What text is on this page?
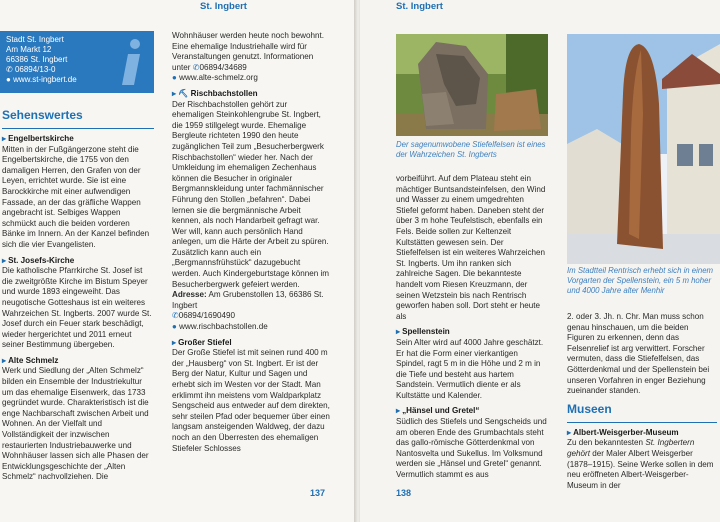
St. Ingbert
Stadt St. Ingbert
Am Markt 12
66386 St. Ingbert
✆ 06894/13-0
● www.st-ingbert.de
Sehenswertes
▸ Engelbertskirche

Mitten in der Fußgängerzone steht die Engelbertskirche, die 1755 von den damaligen Herren, den Grafen von der Leyen, errichtet wurde. Sie ist eine Barockkirche mit einer aufwendigen Fassade, an der das gräfliche Wappen angebracht ist. Selbiges Wappen schmückt auch die beiden vorderen Bänke im Innern. An der Kanzel befinden sich die vier Evangelisten.

▸ St. Josefs-Kirche

Die katholische Pfarrkirche St. Josef ist die zweitgrößte Kirche im Bistum Speyer und wurde 1893 eingeweiht. Das neugotische Gotteshaus ist ein weiteres Wahrzeichen St. Ingberts. 2007 wurde St. Josef durch ein Feuer stark beschädigt, wieder hergerichtet und 2011 erneut seiner Bestimmung übergeben.

▸ Alte Schmelz

Werk und Siedlung der „Alten Schmelz“ bilden ein Ensemble der Industriekultur um das ehemalige Eisenwerk, das 1733 gegründet wurde. Charakteristisch ist die enge Nachbarschaft zwischen Arbeit und Wohnen. An der Vielfalt und Vollständigkeit der inzwischen restaurierten Industriebauwerke und Wohnhäuser lassen sich alle Phasen der Entwicklungsgeschichte der „Alten Schmelz“ nachvollziehen. Die

Wohnhäuser werden heute noch bewohnt. Eine ehemalige Industriehalle wird für Veranstaltungen genutzt. Informationen unter ✆06894/34689
● www.alte-schmelz.org

▸ ⛏ Rischbachstollen

Der Rischbachstollen gehört zur ehemaligen Steinkohlengrube St. Ingbert, die 1959 stillgelegt wurde. Ehemalige Bergleute richteten 1990 den heute zugänglichen Teil zum „Besucherbergwerk Rischbachstollen“ wieder her. Nach der Umkleidung im ehemaligen Zechenhaus können die Besucher in originaler Bergmannskleidung unter fachmännischer Führung den Stollen „befahren“. Dabei lernen sie die bergmännische Arbeit kennen, als noch Handarbeit gefragt war. Wer will, kann auch persönlich Hand anlegen, um die Härte der Arbeit zu spüren. Zusätzlich kann auch ein „Bergmannsfrühstück“ dazugebucht werden. Auch Kindergeburtstage können im Besucherbergwerk gefeiert werden. Adresse: Am Grubenstollen 13, 66386 St. Ingbert
✆06894/1690490
● www.rischbachstollen.de

▸ Großer Stiefel

Der Große Stiefel ist mit seinen rund 400 m der „Hausberg“ von St. Ingbert. Er ist der Berg der Natur, Kultur und Sagen und erhebt sich im Westen vor der Stadt. Man erklimmt ihn meistens vom Waldparkplatz Sengscheid aus entweder auf dem direkten, sehr steilen Pfad oder bequemer über einen langsam ansteigenden Waldweg, der dazu noch an den Überresten des ehemaligen Stiefeler Schlosses

137
St. Ingbert
Der sagenumwobene Stiefelfelsen ist eines der Wahrzeichen St. Ingberts
Im Stadtteil Rentrisch erhebt sich in einem Vorgarten der Spellenstein, ein 5 m hoher und 4000 Jahre alter Menhir

vorbeiführt. Auf dem Plateau steht ein mächtiger Buntsandsteinfelsen, den Wind und Wasser zu einem umgedrehten Stiefel geformt haben. Daneben steht der über 3 m hohe Teufelstisch, ebenfalls ein Fels. Beide sollen zur Keltenzeit Kultstätten gewesen sein. Der Stiefelfelsen ist ein weiteres Wahrzeichen St. Ingberts. Um ihn ranken sich zahlreiche Sagen. Die bekannteste handelt vom Riesen Kreuzmann, der seinen Wetzstein bis nach Rentrisch geworfen haben soll. Dort steht er heute als

▸ Spellenstein

Sein Alter wird auf 4000 Jahre geschätzt. Er hat die Form einer vierkantigen Spindel, ragt 5 m in die Höhe und 2 m in die Tiefe und besteht aus hartem Sandstein. Vermutlich diente er als Kultstätte und Kalender.

▸ „Hänsel und Gretel“

Südlich des Stiefels und Sengscheids und am oberen Ende des Grumbachtals steht das gallo-römische Götterdenkmal von Nantosvelta und Sukellus. Im Volksmund werden sie „Hänsel und Gretel“ genannt. Vermutlich stammt es aus

2. oder 3. Jh. n. Chr. Man muss schon genau hinschauen, um die beiden Figuren zu erkennen, denn das Felsenrelief ist arg verwittert. Forscher vermuten, dass die Stiefelfelsen, das Götterdenkmal und der Spellenstein bei unseren Vorfahren in enger Beziehung zueinander standen.

Museen
▸ Albert-Weisgerber-Museum

Zu den bekanntesten St. Ingbertern gehört der Maler Albert Weisgerber (1878–1915). Seine Werke sollen in dem neu eröffneten Albert-Weisgerber-Museum in der

138
